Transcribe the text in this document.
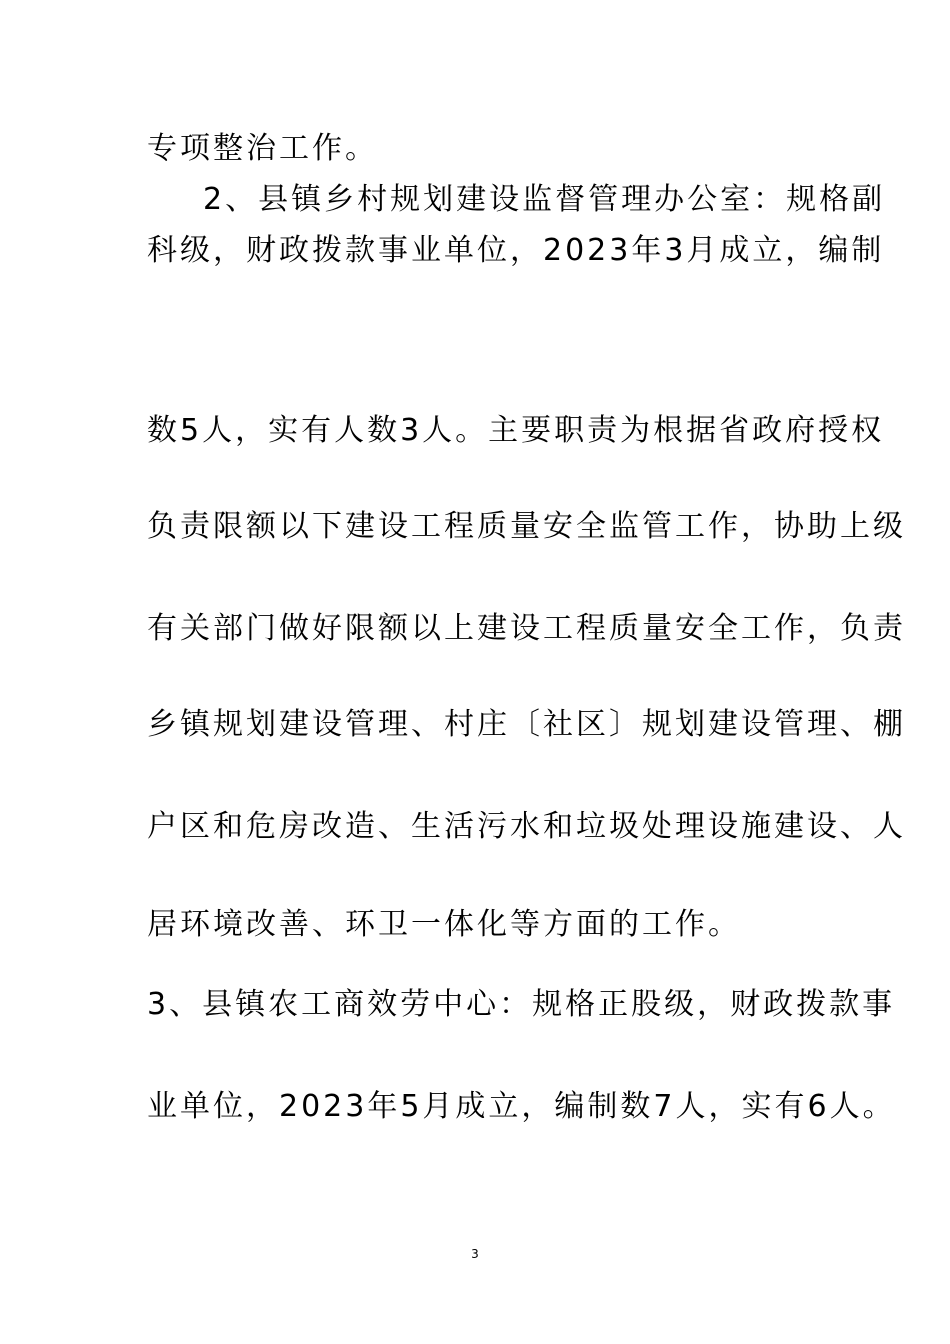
专项整治工作。
2、县镇乡村规划建设监督管理办公室：规格副
科级，财政拨款事业单位，2023年3月成立，编制
数5人，实有人数3人。主要职责为根据省政府授权
负责限额以下建设工程质量安全监管工作，协助上级
有关部门做好限额以上建设工程质量安全工作，负责
乡镇规划建设管理、村庄〔社区〕规划建设管理、棚
户区和危房改造、生活污水和垃圾处理设施建设、人
居环境改善、环卫一体化等方面的工作。
3、县镇农工商效劳中心：规格正股级，财政拨款事
业单位，2023年5月成立，编制数7人，实有6人。
3
